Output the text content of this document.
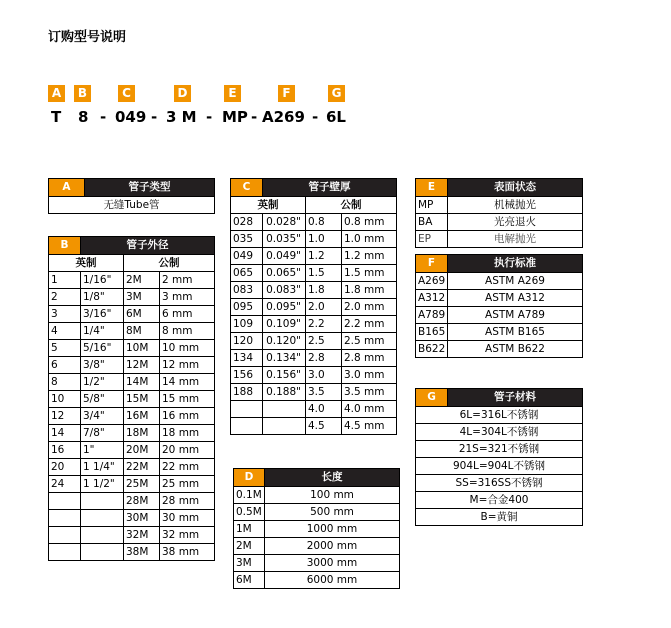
订购型号说明
A	B	C	D	E	F	G
T 8 - 049 - 3 M - MP - A269 - 6L
A	管子类型
无缝Tube管
B	管子外径		
英制		公制	
1	1/16"	2M	2 mm
2	1/8"	3M	3 mm
3	3/16"	6M	6 mm
4	1/4"	8M	8 mm
5	5/16"	10M	10 mm
6	3/8"	12M	12 mm
8	1/2"	14M	14 mm
10	5/8"	15M	15 mm
12	3/4"	16M	16 mm
14	7/8"	18M	18 mm
16	1"	20M	20 mm
20	1 1/4"	22M	22 mm
24	1 1/2"	25M	25 mm
		28M	28 mm
		30M	30 mm
		32M	32 mm
		38M	38 mm
C	管子壁厚		
英制		公制	
028	0.028"	0.8	0.8 mm
035	0.035"	1.0	1.0 mm
049	0.049"	1.2	1.2 mm
065	0.065"	1.5	1.5 mm
083	0.083"	1.8	1.8 mm
095	0.095"	2.0	2.0 mm
109	0.109"	2.2	2.2 mm
120	0.120"	2.5	2.5 mm
134	0.134"	2.8	2.8 mm
156	0.156"	3.0	3.0 mm
188	0.188"	3.5	3.5 mm
		4.0	4.0 mm
		4.5	4.5 mm
D	长度
0.1M	100 mm
0.5M	500 mm
1M	1000 mm
2M	2000 mm
3M	3000 mm
6M	6000 mm
E	表面状态
MP	机械抛光
BA	光亮退火
EP	电解抛光
F	执行标准
A269	ASTM A269
A312	ASTM A312
A789	ASTM A789
B165	ASTM B165
B622	ASTM B622
G	管子材料
6L=316L不锈钢
4L=304L不锈钢
21S=321不锈钢
904L=904L不锈钢
SS=316SS不锈钢
M=合金400
B=黄铜
